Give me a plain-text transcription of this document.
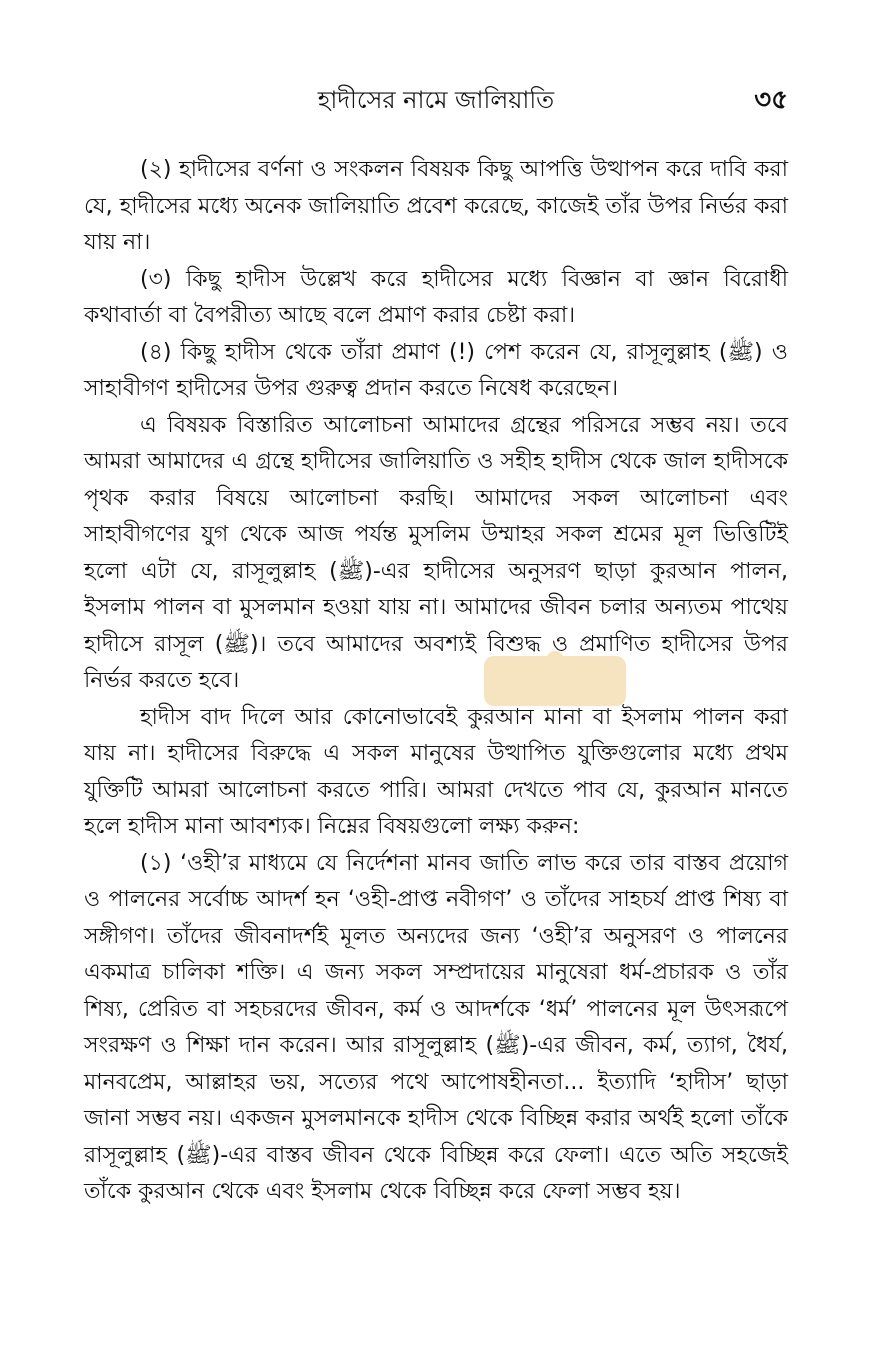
হাদীসের নামে জালিয়াতি	৩৫

(২) হাদীসের বর্ণনা ও সংকলন বিষয়ক কিছু আপত্তি উত্থাপন করে দাবি করা যে, হাদীসের মধ্যে অনেক জালিয়াতি প্রবেশ করেছে, কাজেই তাঁর উপর নির্ভর করা যায় না।

(৩) কিছু হাদীস উল্লেখ করে হাদীসের মধ্যে বিজ্ঞান বা জ্ঞান বিরোধী কথাবার্তা বা বৈপরীত্য আছে বলে প্রমাণ করার চেষ্টা করা।

(৪) কিছু হাদীস থেকে তাঁরা প্রমাণ (!) পেশ করেন যে, রাসূলুল্লাহ (ﷺ) ও সাহাবীগণ হাদীসের উপর গুরুত্ব প্রদান করতে নিষেধ করেছেন।

এ বিষয়ক বিস্তারিত আলোচনা আমাদের গ্রন্থের পরিসরে সম্ভব নয়। তবে আমরা আমাদের এ গ্রন্থে হাদীসের জালিয়াতি ও সহীহ হাদীস থেকে জাল হাদীসকে পৃথক করার বিষয়ে আলোচনা করছি। আমাদের সকল আলোচনা এবং সাহাবীগণের যুগ থেকে আজ পর্যন্ত মুসলিম উম্মাহর সকল শ্রমের মূল ভিত্তিটিই হলো এটা যে, রাসূলুল্লাহ (ﷺ)-এর হাদীসের অনুসরণ ছাড়া কুরআন পালন, ইসলাম পালন বা মুসলমান হওয়া যায় না। আমাদের জীবন চলার অন্যতম পাথেয় হাদীসে রাসূল (ﷺ)। তবে আমাদের অবশ্যই বিশুদ্ধ ও প্রমাণিত হাদীসের উপর নির্ভর করতে হবে।

হাদীস বাদ দিলে আর কোনোভাবেই কুরআন মানা বা ইসলাম পালন করা যায় না। হাদীসের বিরুদ্ধে এ সকল মানুষের উত্থাপিত যুক্তিগুলোর মধ্যে প্রথম যুক্তিটি আমরা আলোচনা করতে পারি। আমরা দেখতে পাব যে, কুরআন মানতে হলে হাদীস মানা আবশ্যক। নিম্নের বিষয়গুলো লক্ষ্য করুন:

(১) ‘ওহী’র মাধ্যমে যে নির্দেশনা মানব জাতি লাভ করে তার বাস্তব প্রয়োগ ও পালনের সর্বোচ্চ আদর্শ হন ‘ওহী-প্রাপ্ত নবীগণ’ ও তাঁদের সাহচর্য প্রাপ্ত শিষ্য বা সঙ্গীগণ। তাঁদের জীবনাদর্শই মূলত অন্যদের জন্য ‘ওহী’র অনুসরণ ও পালনের একমাত্র চালিকা শক্তি। এ জন্য সকল সম্প্রদায়ের মানুষেরা ধর্ম-প্রচারক ও তাঁর শিষ্য, প্রেরিত বা সহচরদের জীবন, কর্ম ও আদর্শকে ‘ধর্ম’ পালনের মূল উৎসরূপে সংরক্ষণ ও শিক্ষা দান করেন। আর রাসূলুল্লাহ (ﷺ)-এর জীবন, কর্ম, ত্যাগ, ধৈর্য, মানবপ্রেম, আল্লাহর ভয়, সত্যের পথে আপোষহীনতা... ইত্যাদি ‘হাদীস’ ছাড়া জানা সম্ভব নয়। একজন মুসলমানকে হাদীস থেকে বিচ্ছিন্ন করার অর্থই হলো তাঁকে রাসূলুল্লাহ (ﷺ)-এর বাস্তব জীবন থেকে বিচ্ছিন্ন করে ফেলা। এতে অতি সহজেই তাঁকে কুরআন থেকে এবং ইসলাম থেকে বিচ্ছিন্ন করে ফেলা সম্ভব হয়।
